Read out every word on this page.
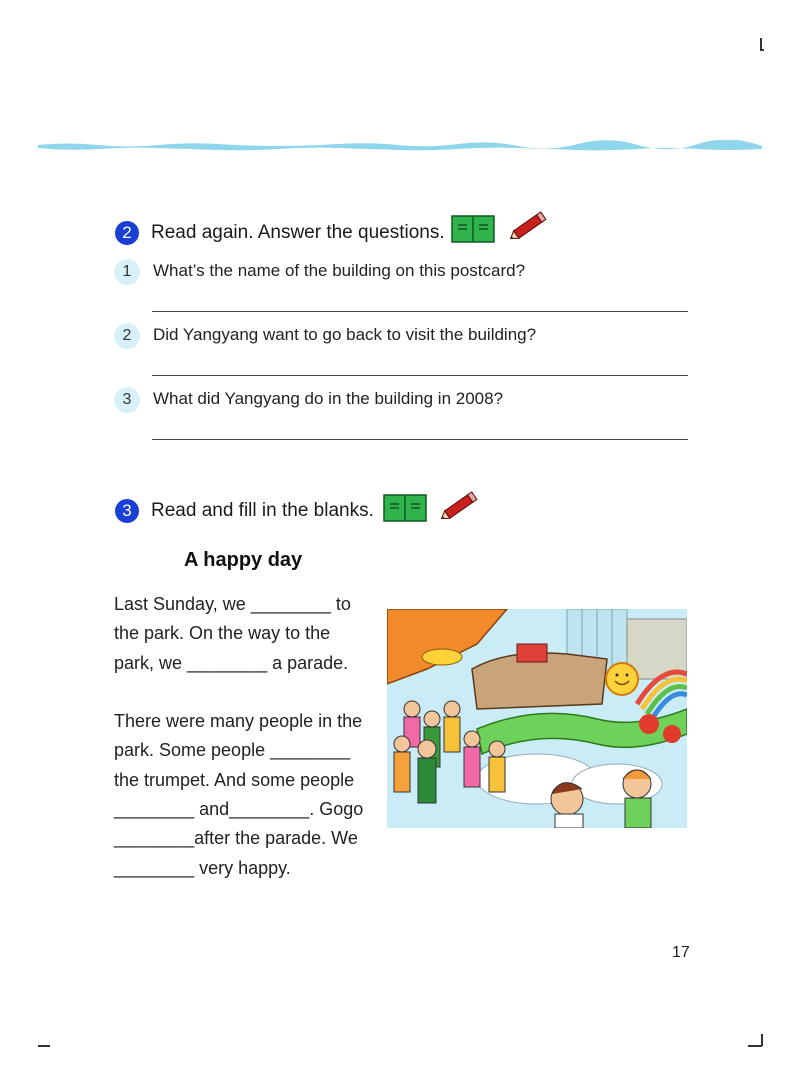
2	Read again. Answer the questions.
1	What’s the name of the building on this postcard?
2	Did Yangyang want to go back to visit the building?
3	What did Yangyang do in the building in 2008?
3	Read and fill in the blanks.
A happy day
Last Sunday, we ________ to
the park. On the way to the
park, we ________ a parade.
There were many people in the
park. Some people ________
the trumpet. And some people
________ and________. Gogo
________after the parade. We
________ very happy.
17
